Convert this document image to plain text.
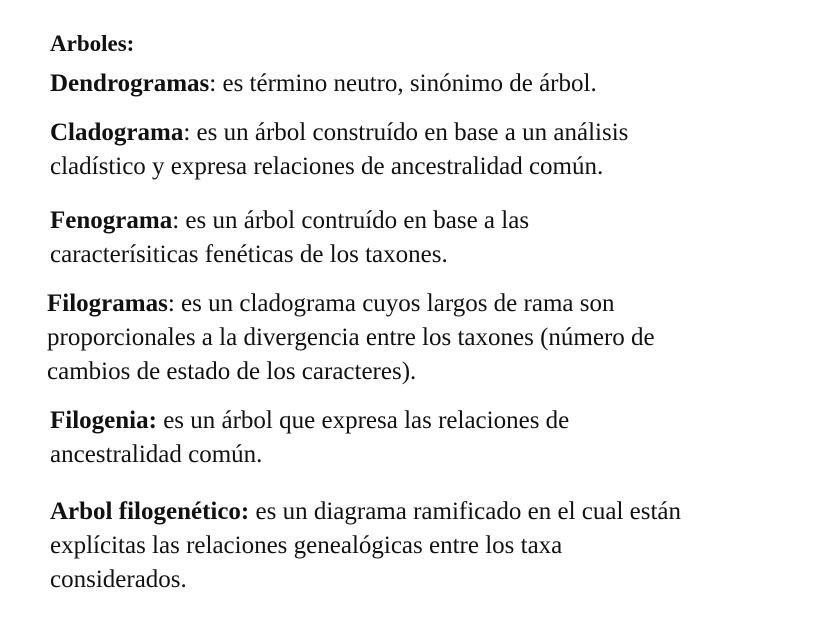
Arboles:

Dendrogramas: es término neutro, sinónimo de árbol.

Cladograma: es un árbol construído en base a un análisis
cladístico y expresa relaciones de ancestralidad común.

Fenograma: es un árbol contruído en base a las
caracterísiticas fenéticas de los taxones.

Filogramas: es un cladograma cuyos largos de rama son
proporcionales a la divergencia entre los taxones (número de
cambios de estado de los caracteres).

Filogenia: es un árbol que expresa las relaciones de
ancestralidad común.

Arbol filogenético: es un diagrama ramificado en el cual están
explícitas las relaciones genealógicas entre los taxa
considerados.
